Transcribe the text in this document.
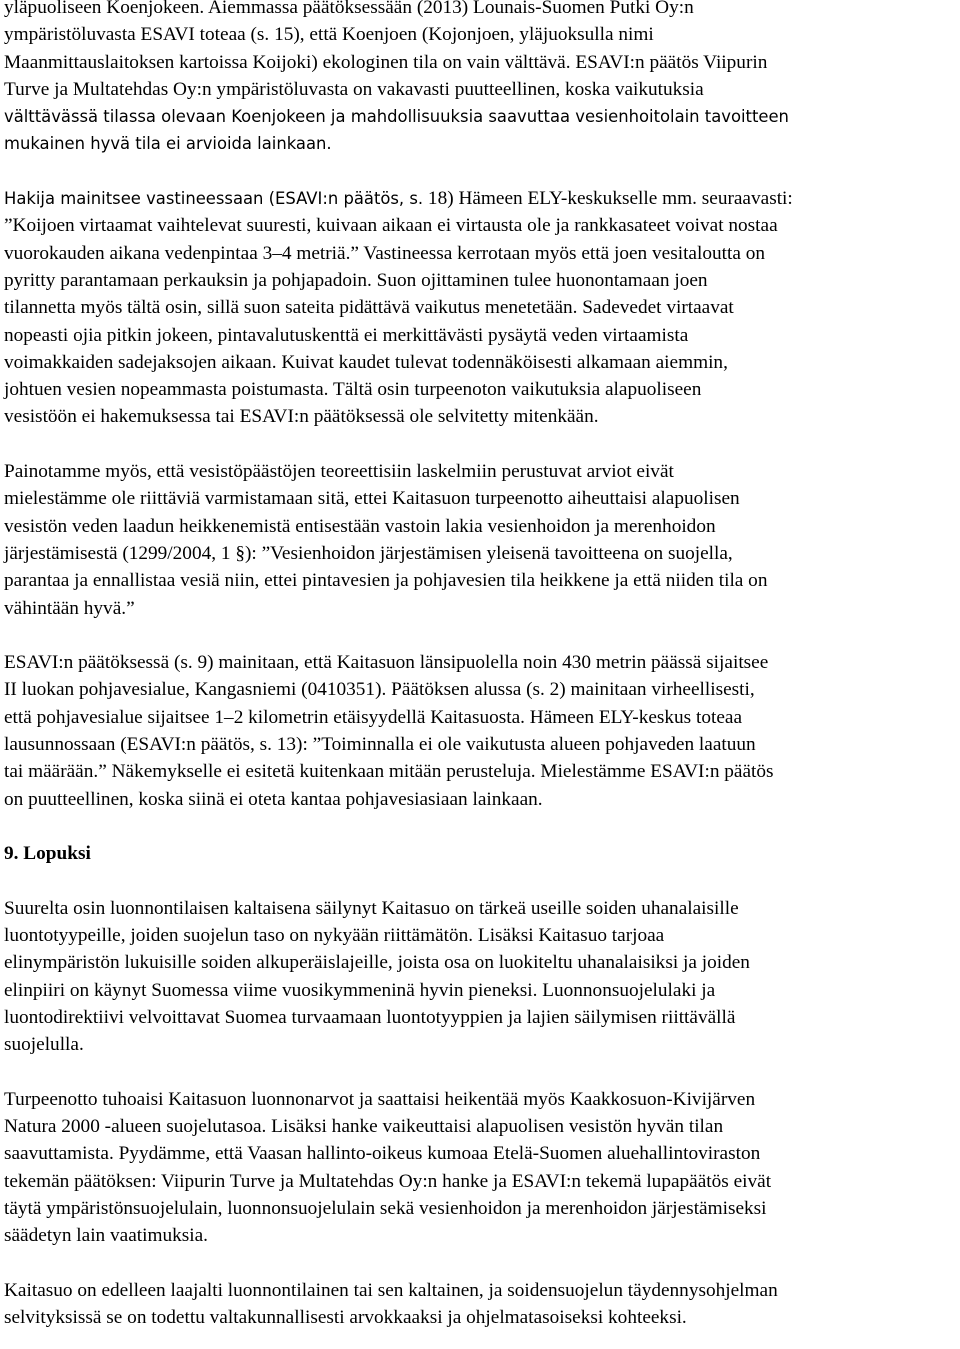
yläpuoliseen Koenjokeen. Aiemmassa päätöksessään (2013) Lounais-Suomen Putki Oy:n
ympäristöluvasta ESAVI toteaa (s. 15), että Koenjoen (Kojonjoen, yläjuoksulla nimi
Maanmittauslaitoksen kartoissa Koijoki) ekologinen tila on vain välttävä. ESAVI:n päätös Viipurin
Turve ja Multatehdas Oy:n ympäristöluvasta on vakavasti puutteellinen, koska vaikutuksia
välttävässä tilassa olevaan Koenjokeen ja mahdollisuuksia saavuttaa vesienhoitolain tavoitteen
mukainen hyvä tila ei arvioida lainkaan.
Hakija mainitsee vastineessaan (ESAVI:n päätös, s. 18) Hämeen ELY-keskukselle mm. seuraavasti:
”Koijoen virtaamat vaihtelevat suuresti, kuivaan aikaan ei virtausta ole ja rankkasateet voivat nostaa
vuorokauden aikana vedenpintaa 3–4 metriä.” Vastineessa kerrotaan myös että joen vesitaloutta on
pyritty parantamaan perkauksin ja pohjapadoin. Suon ojittaminen tulee huonontamaan joen
tilannetta myös tältä osin, sillä suon sateita pidättävä vaikutus menetetään. Sadevedet virtaavat
nopeasti ojia pitkin jokeen, pintavalutuskenttä ei merkittävästi pysäytä veden virtaamista
voimakkaiden sadejaksojen aikaan. Kuivat kaudet tulevat todennäköisesti alkamaan aiemmin,
johtuen vesien nopeammasta poistumasta. Tältä osin turpeenoton vaikutuksia alapuoliseen
vesistöön ei hakemuksessa tai ESAVI:n päätöksessä ole selvitetty mitenkään.
Painotamme myös, että vesistöpäästöjen teoreettisiin laskelmiin perustuvat arviot eivät
mielestämme ole riittäviä varmistamaan sitä, ettei Kaitasuon turpeenotto aiheuttaisi alapuolisen
vesistön veden laadun heikkenemistä entisestään vastoin lakia vesienhoidon ja merenhoidon
järjestämisestä (1299/2004, 1 §): ”Vesienhoidon järjestämisen yleisenä tavoitteena on suojella,
parantaa ja ennallistaa vesiä niin, ettei pintavesien ja pohjavesien tila heikkene ja että niiden tila on
vähintään hyvä.”
ESAVI:n päätöksessä (s. 9) mainitaan, että Kaitasuon länsipuolella noin 430 metrin päässä sijaitsee
II luokan pohjavesialue, Kangasniemi (0410351). Päätöksen alussa (s. 2) mainitaan virheellisesti,
että pohjavesialue sijaitsee 1–2 kilometrin etäisyydellä Kaitasuosta. Hämeen ELY-keskus toteaa
lausunnossaan (ESAVI:n päätös, s. 13): ”Toiminnalla ei ole vaikutusta alueen pohjaveden laatuun
tai määrään.” Näkemykselle ei esitetä kuitenkaan mitään perusteluja. Mielestämme ESAVI:n päätös
on puutteellinen, koska siinä ei oteta kantaa pohjavesiasiaan lainkaan.
9. Lopuksi
Suurelta osin luonnontilaisen kaltaisena säilynyt Kaitasuo on tärkeä useille soiden uhanalaisille
luontotyypeille, joiden suojelun taso on nykyään riittämätön. Lisäksi Kaitasuo tarjoaa
elinympäristön lukuisille soiden alkuperäislajeille, joista osa on luokiteltu uhanalaisiksi ja joiden
elinpiiri on käynyt Suomessa viime vuosikymmeninä hyvin pieneksi. Luonnonsuojelulaki ja
luontodirektiivi velvoittavat Suomea turvaamaan luontotyyppien ja lajien säilymisen riittävällä
suojelulla.
Turpeenotto tuhoaisi Kaitasuon luonnonarvot ja saattaisi heikentää myös Kaakkosuon-Kivijärven
Natura 2000 -alueen suojelutasoa. Lisäksi hanke vaikeuttaisi alapuolisen vesistön hyvän tilan
saavuttamista. Pyydämme, että Vaasan hallinto-oikeus kumoaa Etelä-Suomen aluehallintoviraston
tekemän päätöksen: Viipurin Turve ja Multatehdas Oy:n hanke ja ESAVI:n tekemä lupapäätös eivät
täytä ympäristönsuojelulain, luonnonsuojelulain sekä vesienhoidon ja merenhoidon järjestämiseksi
säädetyn lain vaatimuksia.
Kaitasuo on edelleen laajalti luonnontilainen tai sen kaltainen, ja soidensuojelun täydennysohjelman
selvityksissä se on todettu valtakunnallisesti arvokkaaksi ja ohjelmatasoiseksi kohteeksi.
